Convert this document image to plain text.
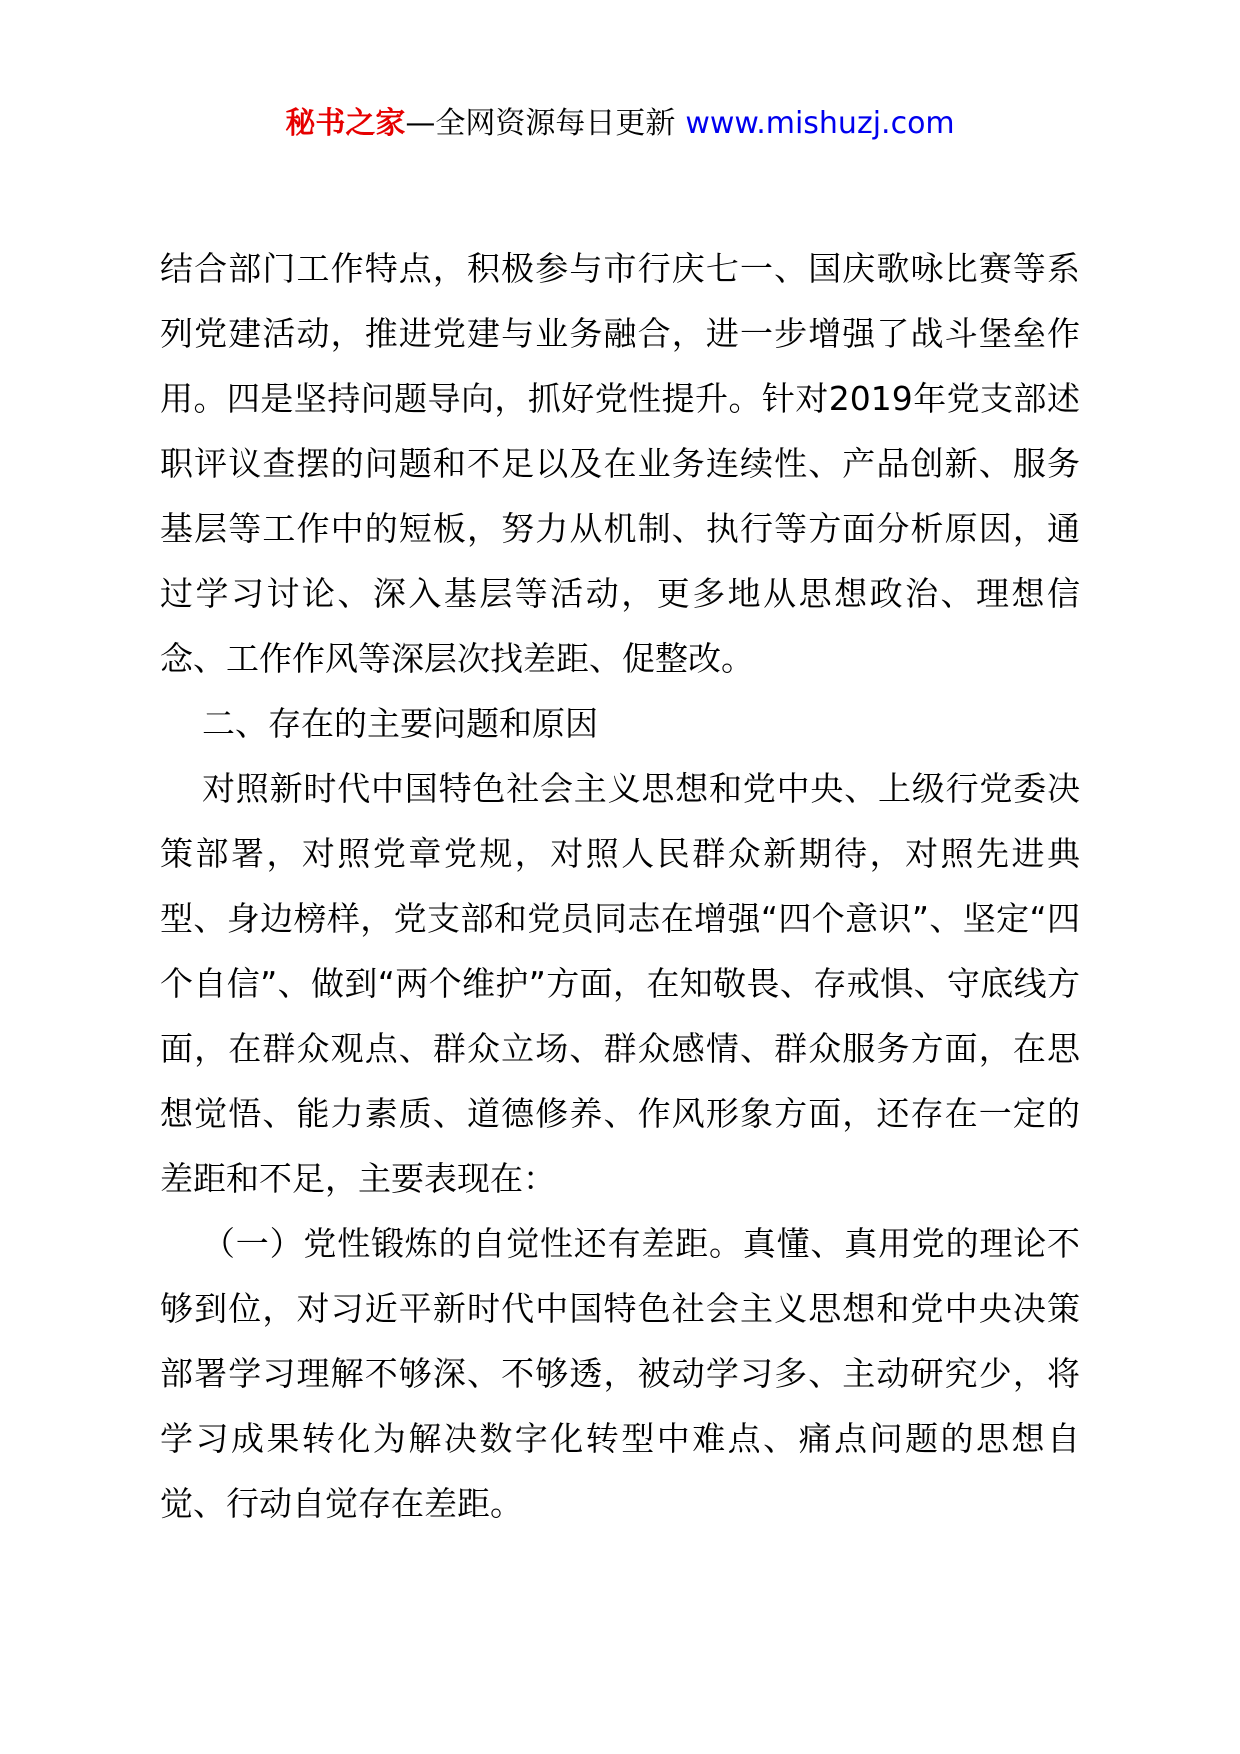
秘书之家—全网资源每日更新 www.mishuzj.com

结合部门工作特点，积极参与市行庆七一、国庆歌咏比赛等系列党建活动，推进党建与业务融合，进一步增强了战斗堡垒作用。四是坚持问题导向，抓好党性提升。针对2019年党支部述职评议查摆的问题和不足以及在业务连续性、产品创新、服务基层等工作中的短板，努力从机制、执行等方面分析原因，通过学习讨论、深入基层等活动，更多地从思想政治、理想信念、工作作风等深层次找差距、促整改。

二、存在的主要问题和原因

对照新时代中国特色社会主义思想和党中央、上级行党委决策部署，对照党章党规，对照人民群众新期待，对照先进典型、身边榜样，党支部和党员同志在增强“四个意识”、坚定“四个自信”、做到“两个维护”方面，在知敬畏、存戒惧、守底线方面，在群众观点、群众立场、群众感情、群众服务方面，在思想觉悟、能力素质、道德修养、作风形象方面，还存在一定的差距和不足，主要表现在：

（一）党性锻炼的自觉性还有差距。真懂、真用党的理论不够到位，对习近平新时代中国特色社会主义思想和党中央决策部署学习理解不够深、不够透，被动学习多、主动研究少，将学习成果转化为解决数字化转型中难点、痛点问题的思想自觉、行动自觉存在差距。
